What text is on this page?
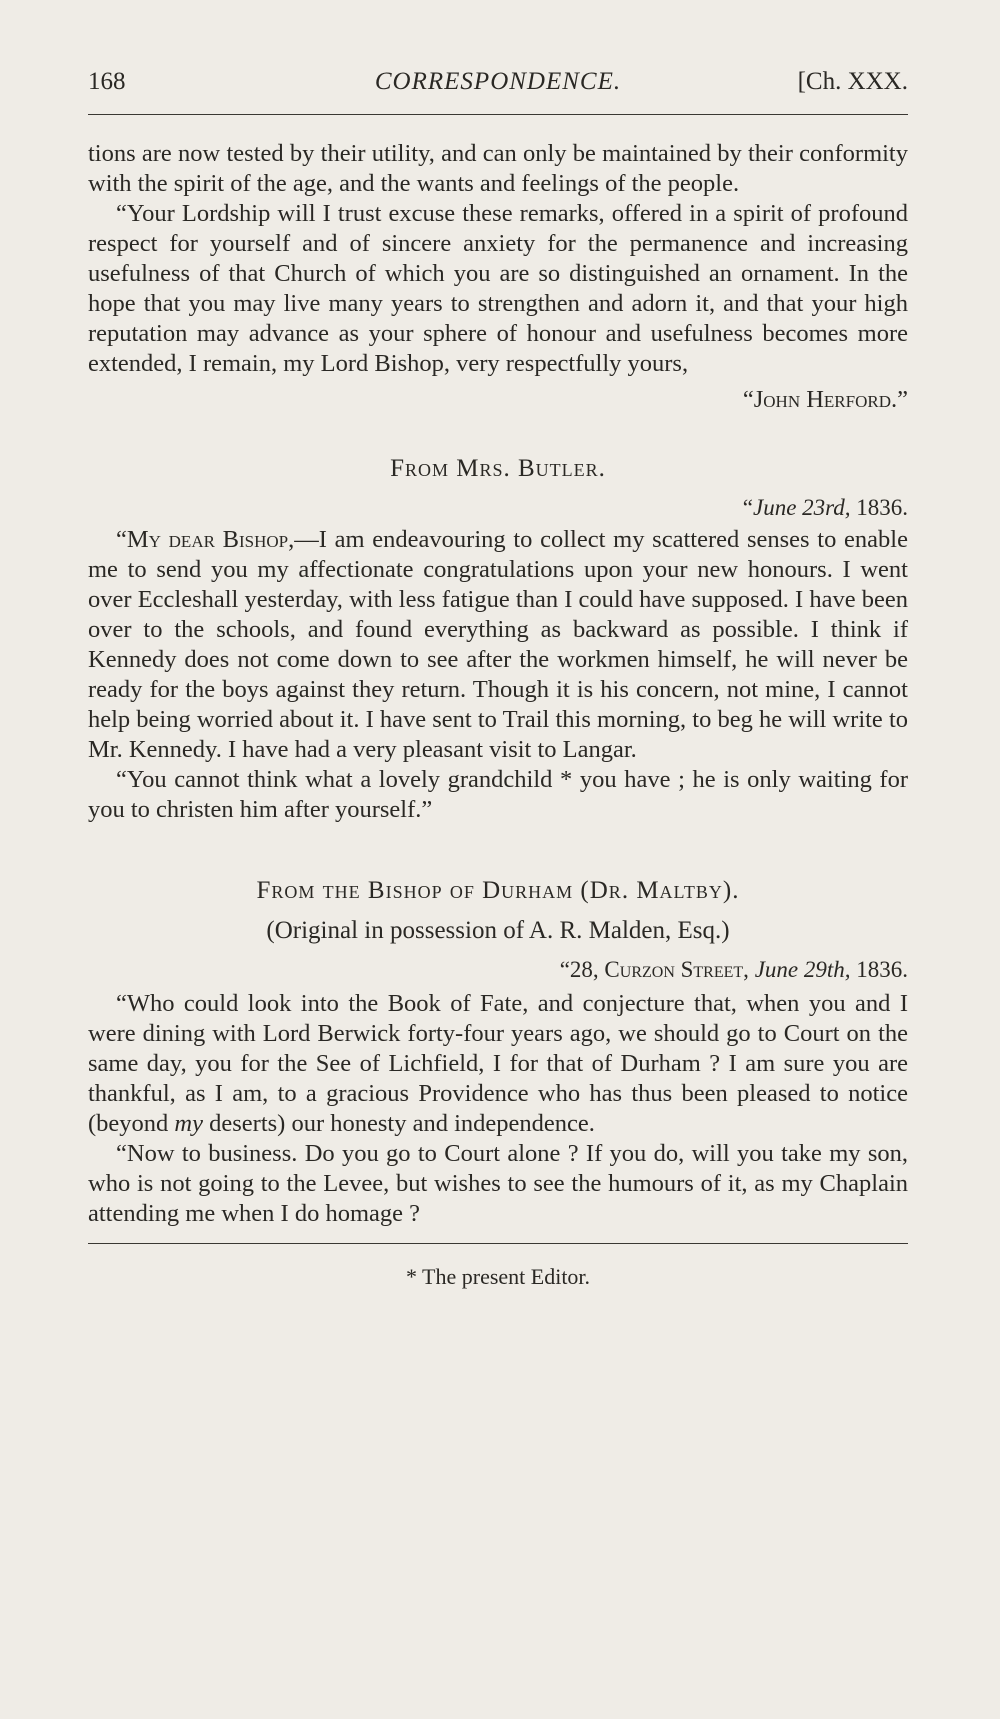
168	CORRESPONDENCE.	[Ch. XXX.

tions are now tested by their utility, and can only be maintained by their conformity with the spirit of the age, and the wants and feelings of the people.

“Your Lordship will I trust excuse these remarks, offered in a spirit of profound respect for yourself and of sincere anxiety for the permanence and increasing usefulness of that Church of which you are so distinguished an ornament. In the hope that you may live many years to strengthen and adorn it, and that your high reputation may advance as your sphere of honour and usefulness becomes more extended, I remain, my Lord Bishop, very respectfully yours,

“John Herford.”
From Mrs. Butler.
“June 23rd, 1836.

“My dear Bishop,—I am endeavouring to collect my scattered senses to enable me to send you my affectionate congratulations upon your new honours. I went over Eccleshall yesterday, with less fatigue than I could have supposed. I have been over to the schools, and found everything as backward as possible. I think if Kennedy does not come down to see after the workmen himself, he will never be ready for the boys against they return. Though it is his concern, not mine, I cannot help being worried about it. I have sent to Trail this morning, to beg he will write to Mr. Kennedy. I have had a very pleasant visit to Langar.

“You cannot think what a lovely grandchild * you have ; he is only waiting for you to christen him after yourself.”

From the Bishop of Durham (Dr. Maltby).
(Original in possession of A. R. Malden, Esq.)
“28, Curzon Street, June 29th, 1836.

“Who could look into the Book of Fate, and conjecture that, when you and I were dining with Lord Berwick forty-four years ago, we should go to Court on the same day, you for the See of Lichfield, I for that of Durham ? I am sure you are thankful, as I am, to a gracious Providence who has thus been pleased to notice (beyond my deserts) our honesty and independence.

“Now to business. Do you go to Court alone ? If you do, will you take my son, who is not going to the Levee, but wishes to see the humours of it, as my Chaplain attending me when I do homage ?

* The present Editor.
